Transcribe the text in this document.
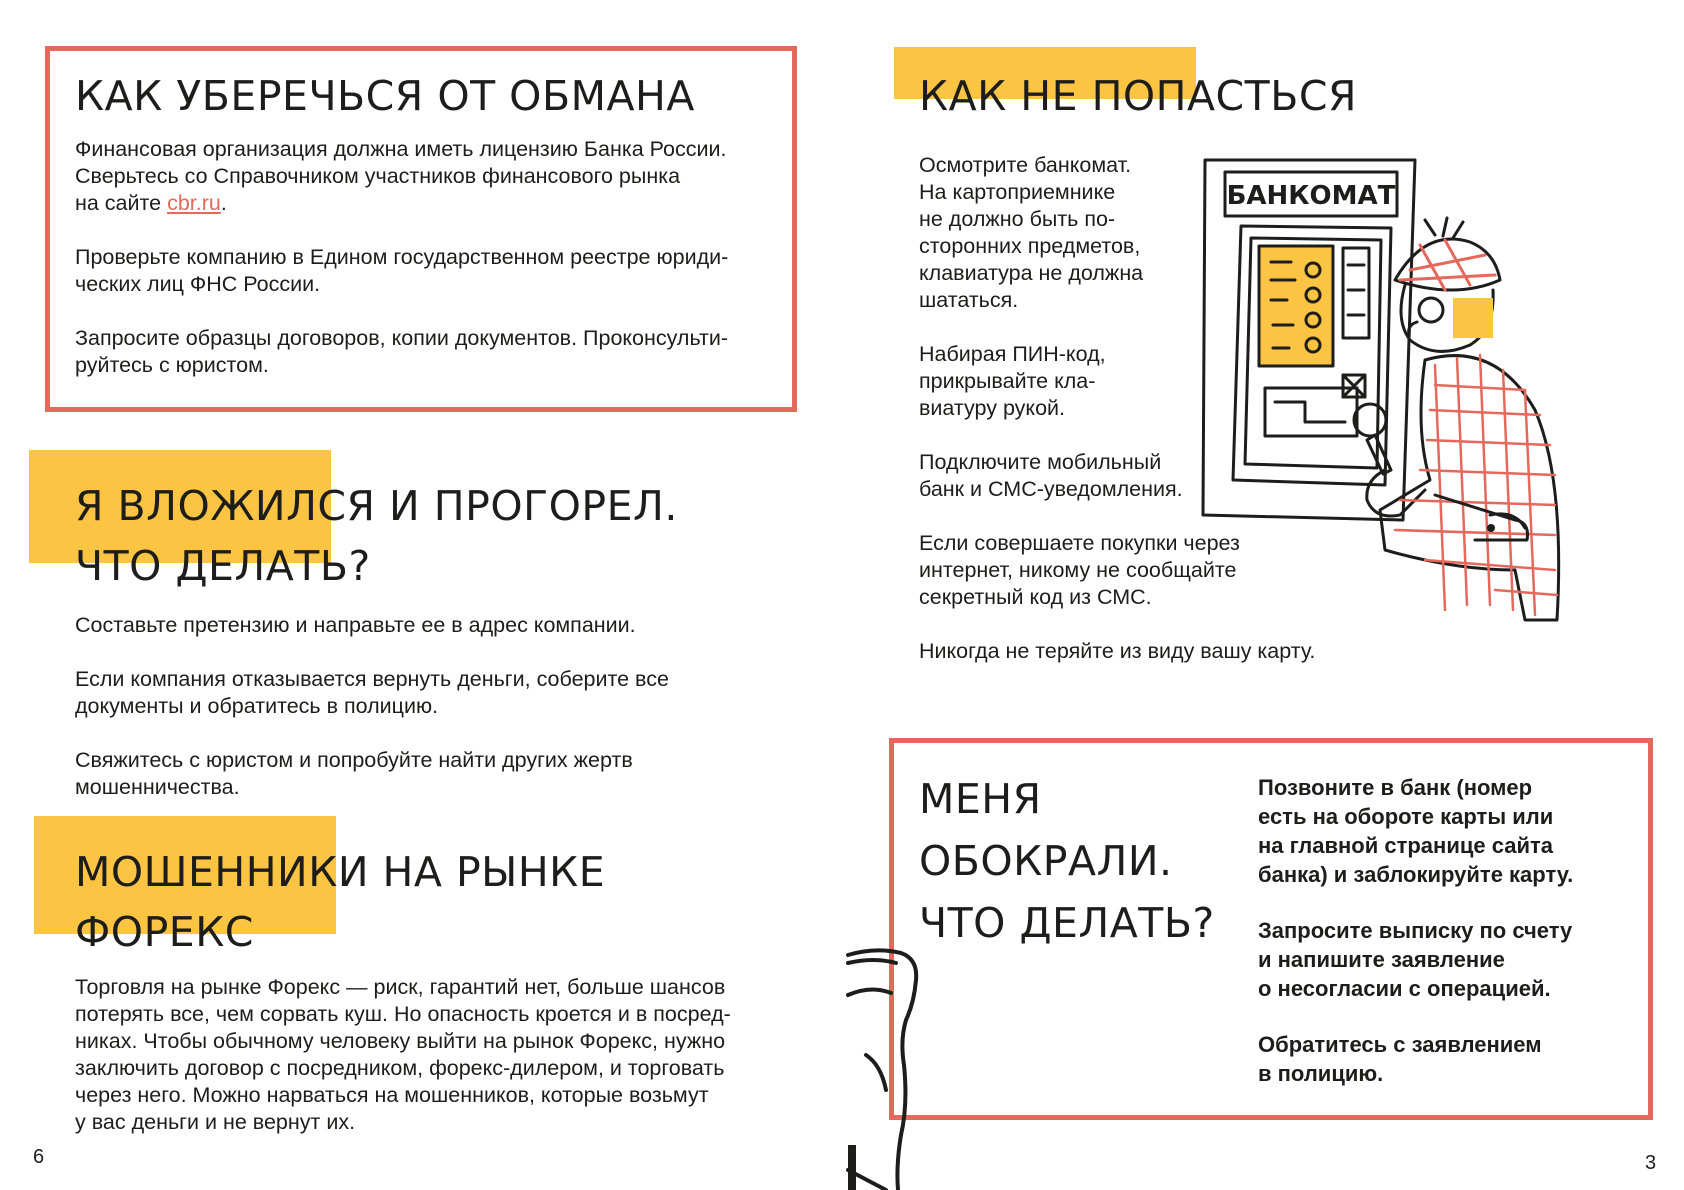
КАК УБЕРЕЧЬСЯ ОТ ОБМАНА

Финансовая организация должна иметь лицензию Банка России.
Сверьтесь со Справочником участников финансового рынка
на сайте cbr.ru.

Проверьте компанию в Едином государственном реестре юриди-
ческих лиц ФНС России.

Запросите образцы договоров, копии документов. Проконсульти-
руйтесь с юристом.

Я ВЛОЖИЛСЯ И ПРОГОРЕЛ.
ЧТО ДЕЛАТЬ?

Составьте претензию и направьте ее в адрес компании.

Если компания отказывается вернуть деньги, соберите все
документы и обратитесь в полицию.

Свяжитесь с юристом и попробуйте найти других жертв
мошенничества.

МОШЕННИКИ НА РЫНКЕ
ФОРЕКС

Торговля на рынке Форекс — риск, гарантий нет, больше шансов
потерять все, чем сорвать куш. Но опасность кроется и в посред-
никах. Чтобы обычному человеку выйти на рынок Форекс, нужно
заключить договор с посредником, форекс-дилером, и торговать
через него. Можно нарваться на мошенников, которые возьмут
у вас деньги и не вернут их.

6
КАК НЕ ПОПАСТЬСЯ

Осмотрите банкомат.
На картоприемнике
не должно быть по-
сторонних предметов,
клавиатура не должна
шататься.

Набирая ПИН-код,
прикрывайте кла-
виатуру рукой.

Подключите мобильный
банк и СМС-уведомления.

Если совершаете покупки через
интернет, никому не сообщайте
секретный код из СМС.

Никогда не теряйте из виду вашу карту.

БАНКОМАТ
МЕНЯ
ОБОКРАЛИ.
ЧТО ДЕЛАТЬ?

Позвоните в банк (номер
есть на обороте карты или
на главной странице сайта
банка) и заблокируйте карту.

Запросите выписку по счету
и напишите заявление
о несогласии с операцией.

Обратитесь с заявлением
в полицию.

3
